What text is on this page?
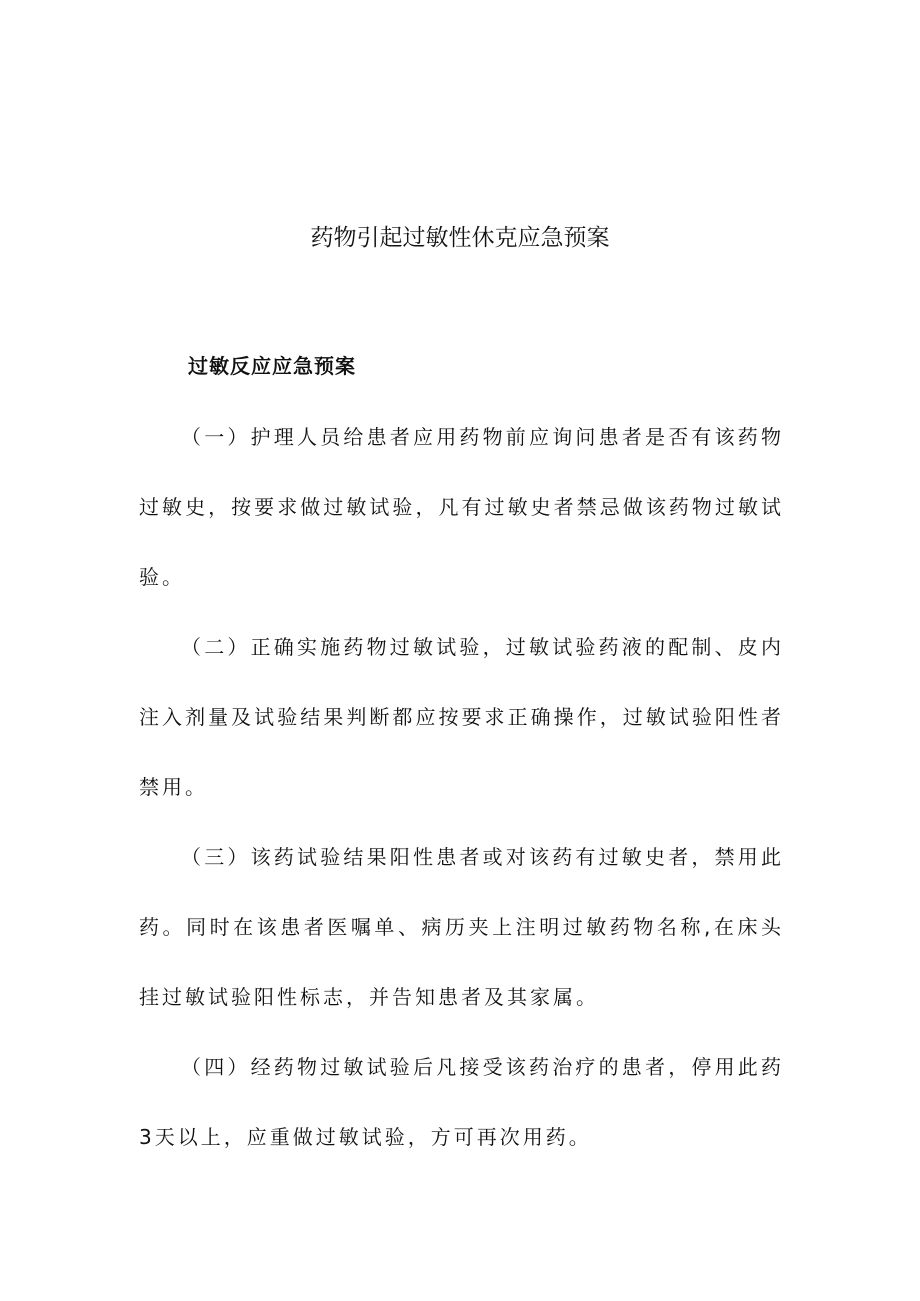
药物引起过敏性休克应急预案
过敏反应应急预案

（一）护理人员给患者应用药物前应询问患者是否有该药物过敏史，按要求做过敏试验，凡有过敏史者禁忌做该药物过敏试验。

（二）正确实施药物过敏试验，过敏试验药液的配制、皮内注入剂量及试验结果判断都应按要求正确操作，过敏试验阳性者禁用。

（三）该药试验结果阳性患者或对该药有过敏史者，禁用此药。同时在该患者医嘱单、病历夹上注明过敏药物名称,在床头挂过敏试验阳性标志，并告知患者及其家属。

（四）经药物过敏试验后凡接受该药治疗的患者，停用此药3天以上，应重做过敏试验，方可再次用药。
